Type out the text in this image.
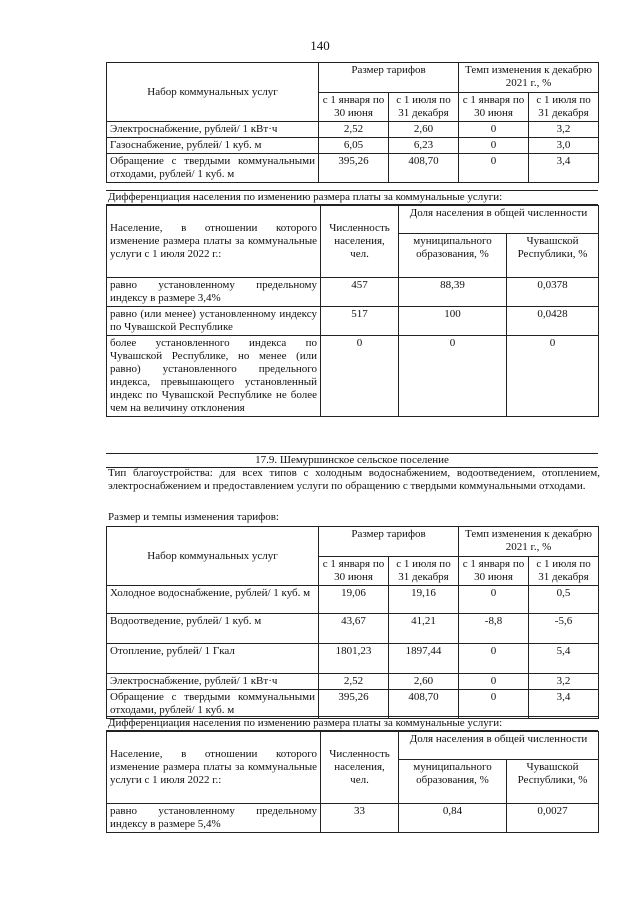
140
Набор коммунальных услуг	Размер тарифов		Темп изменения к декабрю 2021 г., %	
	с 1 января по 30 июня	с 1 июля по 31 декабря	с 1 января по 30 июня	с 1 июля по 31 декабря
Электроснабжение, рублей/ 1 кВт·ч	2,52	2,60	0	3,2
Газоснабжение, рублей/ 1 куб. м	6,05	6,23	0	3,0
Обращение с твердыми коммунальными отходами, рублей/ 1 куб. м	395,26	408,70	0	3,4
Дифференциация населения по изменению размера платы за коммунальные услуги:
Население, в отношении которого изменение размера платы за коммунальные услуги с 1 июля 2022 г.:	Численность населения, чел.	Доля населения в общей численности	
		муниципального образования, %	Чувашской Республики, %
равно установленному предельному индексу в размере 3,4%	457	88,39	0,0378
равно (или менее) установленному индексу по Чувашской Республике	517	100	0,0428
более установленного индекса по Чувашской Республике, но менее (или равно) установленного предельного индекса, превышающего установленный индекс по Чувашской Республике не более чем на величину отклонения	0	0	0
17.9. Шемуршинское сельское поселение
Тип благоустройства: для всех типов с холодным водоснабжением, водоотведением, отоплением, электроснабжением и предоставлением услуги по обращению с твердыми коммунальными отходами.
Размер и темпы изменения тарифов:
Набор коммунальных услуг	Размер тарифов		Темп изменения к декабрю 2021 г., %	
	с 1 января по 30 июня	с 1 июля по 31 декабря	с 1 января по 30 июня	с 1 июля по 31 декабря
Холодное водоснабжение, рублей/ 1 куб. м	19,06	19,16	0	0,5
Водоотведение, рублей/ 1 куб. м	43,67	41,21	-8,8	-5,6
Отопление, рублей/ 1 Гкал	1801,23	1897,44	0	5,4
Электроснабжение, рублей/ 1 кВт·ч	2,52	2,60	0	3,2
Обращение с твердыми коммунальными отходами, рублей/ 1 куб. м	395,26	408,70	0	3,4
Дифференциация населения по изменению размера платы за коммунальные услуги:
Население, в отношении которого изменение размера платы за коммунальные услуги с 1 июля 2022 г.:	Численность населения, чел.	Доля населения в общей численности	
		муниципального образования, %	Чувашской Республики, %
равно установленному предельному индексу в размере 5,4%	33	0,84	0,0027
